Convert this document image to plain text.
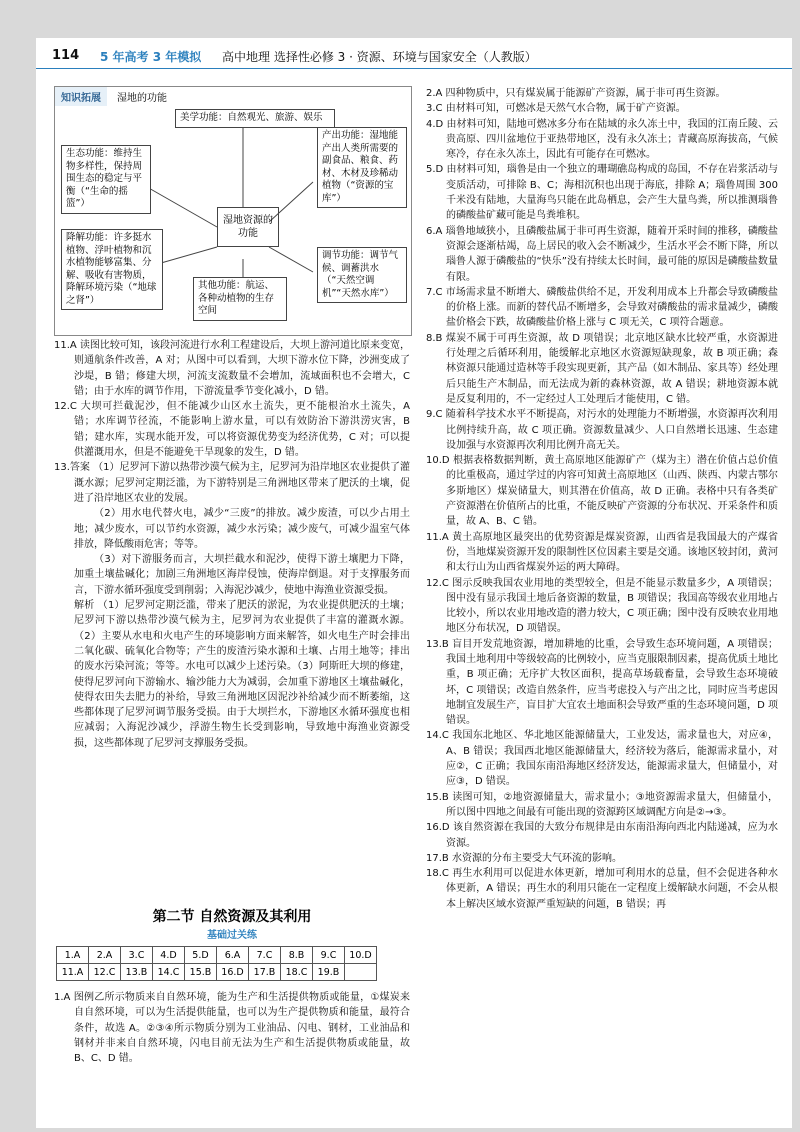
114 5 年高考 3 年模拟 高中地理 选择性必修 3 · 资源、环境与国家安全（人教版）
知识拓展	湿地的功能
湿地资源的功能
美学功能：自然观光、旅游、娱乐
生态功能：维持生物多样性，保持周围生态的稳定与平衡（“生命的摇篮”）
产出功能：湿地能产出人类所需要的副食品、粮食、药材、木材及珍稀动植物（“资源的宝库”）
降解功能：许多挺水植物、浮叶植物和沉水植物能够富集、分解、吸收有害物质，降解环境污染（“地球之肾”）
其他功能：航运、各种动植物的生存空间
调节功能：调节气候、调蓄洪水（“天然空调机”“天然水库”）

11.A 读图比较可知，该段河流进行水利工程建设后，大坝上游河道比原来变宽，则通航条件改善，A 对；从图中可以看到，大坝下游水位下降，沙洲变成了沙堤，B 错；修建大坝，河流支流数量不会增加，流域面积也不会增大，C 错；由于水库的调节作用，下游流量季节变化减小，D 错。

12.C 大坝可拦截泥沙，但不能减少山区水土流失，更不能根治水土流失，A 错；水库调节径流，不能影响上游水量，可以有效防治下游洪涝灾害，B 错；建水库，实现水能开发，可以将资源优势变为经济优势，C 对；可以提供灌溉用水，但是不能避免干旱现象的发生，D 错。

13.答案 （1）尼罗河下游以热带沙漠气候为主，尼罗河为沿岸地区农业提供了灌溉水源；尼罗河定期泛滥，为下游特别是三角洲地区带来了肥沃的土壤，促进了沿岸地区农业的发展。

（2）用水电代替火电，减少“三废”的排放。减少废渣，可以少占用土地；减少废水，可以节约水资源，减少水污染；减少废气，可减少温室气体排放，降低酸雨危害；等等。

（3）对下游服务而言，大坝拦截水和泥沙，使得下游土壤肥力下降，加重土壤盐碱化；加剧三角洲地区海岸侵蚀，使海岸倒退。对于支撑服务而言，下游水循环强度受到削弱；入海泥沙减少，使地中海渔业资源受损。

解析 （1）尼罗河定期泛滥，带来了肥沃的淤泥，为农业提供肥沃的土壤；尼罗河下游以热带沙漠气候为主，尼罗河为农业提供了丰富的灌溉水源。（2）主要从水电和火电产生的环境影响方面来解答，如火电生产时会排出二氧化碳、硫氧化合物等；产生的废渣污染水源和土壤、占用土地等；排出的废水污染河流；等等。水电可以减少上述污染。（3）阿斯旺大坝的修建，使得尼罗河向下游输水、输沙能力大为减弱，会加重下游地区土壤盐碱化，使得农田失去肥力的补给，导致三角洲地区因泥沙补给减少而不断萎缩，这些都体现了尼罗河调节服务受损。由于大坝拦水，下游地区水循环强度也相应减弱；入海泥沙减少，浮游生物生长受到影响，导致地中海渔业资源受损，这些都体现了尼罗河支撑服务受损。

第二节 自然资源及其利用
基础过关练
1.A	2.A	3.C	4.D	5.D	6.A	7.C	8.B	9.C	10.D
11.A	12.C	13.B	14.C	15.B	16.D	17.B	18.C	19.B	

1.A 图例乙所示物质来自自然环境，能为生产和生活提供物质或能量，①煤炭来自自然环境，可以为生活提供能量，也可以为生产提供物质和能量，最符合条件，故选 A。②③④所示物质分别为工业油品、闪电、钢材，工业油品和钢材并非来自自然环境，闪电目前无法为生产和生活提供物质或能量，故 B、C、D 错。

2.A 四种物质中，只有煤炭属于能源矿产资源，属于非可再生资源。

3.C 由材料可知，可燃冰是天然气水合物，属于矿产资源。

4.D 由材料可知，陆地可燃冰多分布在陆域的永久冻土中，我国的江南丘陵、云贵高原、四川盆地位于亚热带地区，没有永久冻土；青藏高原海拔高，气候寒冷，存在永久冻土，因此有可能存在可燃冰。

5.D 由材料可知，瑙鲁是由一个独立的珊瑚礁岛构成的岛国，不存在岩浆活动与变质活动，可排除 B、C；海相沉积也出现于海底，排除 A；瑙鲁周围 300 千米没有陆地，大量海鸟只能在此岛栖息，会产生大量鸟粪，所以推测瑙鲁的磷酸盐矿藏可能是鸟粪堆积。

6.A 瑙鲁地域狭小，且磷酸盐属于非可再生资源，随着开采时间的推移，磷酸盐资源会逐渐枯竭，岛上居民的收入会不断减少，生活水平会不断下降，所以瑙鲁人源于磷酸盐的“快乐”没有持续太长时间，最可能的原因是磷酸盐数量有限。

7.C 市场需求量不断增大、磷酸盐供给不足，开发利用成本上升都会导致磷酸盐的价格上涨。而新的替代品不断增多，会导致对磷酸盐的需求量减少，磷酸盐价格会下跌，故磷酸盐价格上涨与 C 项无关，C 项符合题意。

8.B 煤炭不属于可再生资源，故 D 项错误；北京地区缺水比较严重，水资源进行处理之后循环利用，能缓解北京地区水资源短缺现象，故 B 项正确；森林资源只能通过造林等手段实现更新，其产品（如木制品、家具等）经处理后只能生产木制品，而无法成为新的森林资源，故 A 错误；耕地资源本就是反复利用的，不一定经过人工处理后才能使用，C 错。

9.C 随着科学技术水平不断提高，对污水的处理能力不断增强，水资源再次利用比例持续升高，故 C 项正确。资源数量减少、人口自然增长迅速、生态建设加强与水资源再次利用比例升高无关。

10.D 根据表格数据判断，黄土高原地区能源矿产（煤为主）潜在价值占总价值的比重极高，通过学过的内容可知黄土高原地区（山西、陕西、内蒙古鄂尔多斯地区）煤炭储量大，则其潜在价值高，故 D 正确。表格中只有各类矿产资源潜在价值所占的比重，不能反映矿产资源的分布状况、开采条件和质量，故 A、B、C 错。

11.A 黄土高原地区最突出的优势资源是煤炭资源，山西省是我国最大的产煤省份，当地煤炭资源开发的限制性区位因素主要是交通。该地区较封闭，黄河和太行山为山西省煤炭外运的两大障碍。

12.C 图示反映我国农业用地的类型较全，但是不能显示数量多少，A 项错误；图中没有显示我国土地后备资源的数量，B 项错误；我国高等级农业用地占比较小，所以农业用地改造的潜力较大，C 项正确；图中没有反映农业用地地区分布状况，D 项错误。

13.B 盲目开发荒地资源，增加耕地的比重，会导致生态环境问题，A 项错误；我国土地利用中等级较高的比例较小，应当克服限制因素，提高优质土地比重，B 项正确；无序扩大牧区面积，提高草场载畜量，会导致生态环境破坏，C 项错误；改造自然条件，应当考虑投入与产出之比，同时应当考虑因地制宜发展生产，盲目扩大宜农土地面积会导致严重的生态环境问题，D 项错误。

14.C 我国东北地区、华北地区能源储量大，工业发达，需求量也大，对应④，A、B 错误；我国西北地区能源储量大，经济较为落后，能源需求量小，对应②，C 正确；我国东南沿海地区经济发达，能源需求量大，但储量小，对应③，D 错误。

15.B 读图可知，②地资源储量大，需求量小；③地资源需求量大，但储量小，所以图中四地之间最有可能出现的资源跨区域调配方向是②→③。

16.D 该自然资源在我国的大致分布规律是由东南沿海向西北内陆递减，应为水资源。

17.B 水资源的分布主要受大气环流的影响。

18.C 再生水利用可以促进水体更新，增加可利用水的总量，但不会促进各种水体更新，A 错误；再生水的利用只能在一定程度上缓解缺水问题，不会从根本上解决区域水资源严重短缺的问题，B 错误；再
